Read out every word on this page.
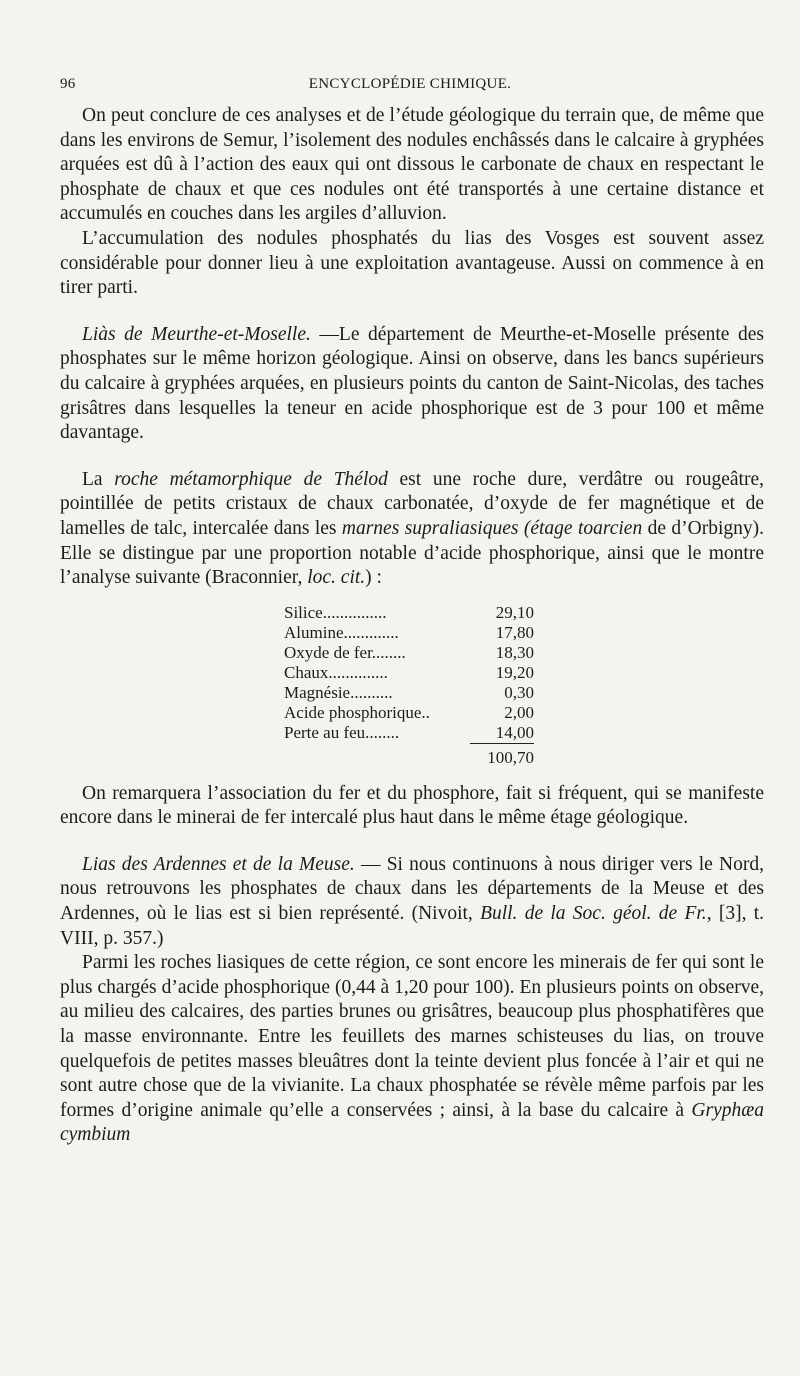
96	ENCYCLOPÉDIE CHIMIQUE.

On peut conclure de ces analyses et de l’étude géologique du terrain que, de même que dans les environs de Semur, l’isolement des nodules enchâssés dans le calcaire à gryphées arquées est dû à l’action des eaux qui ont dissous le carbonate de chaux en respectant le phosphate de chaux et que ces nodules ont été transportés à une certaine distance et accumulés en couches dans les argiles d’alluvion.

L’accumulation des nodules phosphatés du lias des Vosges est souvent assez considérable pour donner lieu à une exploitation avantageuse. Aussi on commence à en tirer parti.

Liàs de Meurthe-et-Moselle. —Le département de Meurthe-et-Moselle présente des phosphates sur le même horizon géologique. Ainsi on observe, dans les bancs supérieurs du calcaire à gryphées arquées, en plusieurs points du canton de Saint-Nicolas, des taches grisâtres dans lesquelles la teneur en acide phosphorique est de 3 pour 100 et même davantage.

La roche métamorphique de Thélod est une roche dure, verdâtre ou rougeâtre, pointillée de petits cristaux de chaux carbonatée, d’oxyde de fer magnétique et de lamelles de talc, intercalée dans les marnes supraliasiques (étage toarcien de d’Orbigny). Elle se distingue par une proportion notable d’acide phosphorique, ainsi que le montre l’analyse suivante (Braconnier, loc. cit.) :

Silice...............	29,10
Alumine.............	17,80
Oxyde de fer........	18,30
Chaux..............	19,20
Magnésie..........	0,30
Acide phosphorique..	2,00
Perte au feu........	14,00
	100,70

On remarquera l’association du fer et du phosphore, fait si fréquent, qui se manifeste encore dans le minerai de fer intercalé plus haut dans le même étage géologique.

Lias des Ardennes et de la Meuse. — Si nous continuons à nous diriger vers le Nord, nous retrouvons les phosphates de chaux dans les départements de la Meuse et des Ardennes, où le lias est si bien représenté. (Nivoit, Bull. de la Soc. géol. de Fr., [3], t. VIII, p. 357.)

Parmi les roches liasiques de cette région, ce sont encore les minerais de fer qui sont le plus chargés d’acide phosphorique (0,44 à 1,20 pour 100). En plusieurs points on observe, au milieu des calcaires, des parties brunes ou grisâtres, beaucoup plus phosphatifères que la masse environnante. Entre les feuillets des marnes schisteuses du lias, on trouve quelquefois de petites masses bleuâtres dont la teinte devient plus foncée à l’air et qui ne sont autre chose que de la vivianite. La chaux phosphatée se révèle même parfois par les formes d’origine animale qu’elle a conservées ; ainsi, à la base du calcaire à Gryphæa cymbium
